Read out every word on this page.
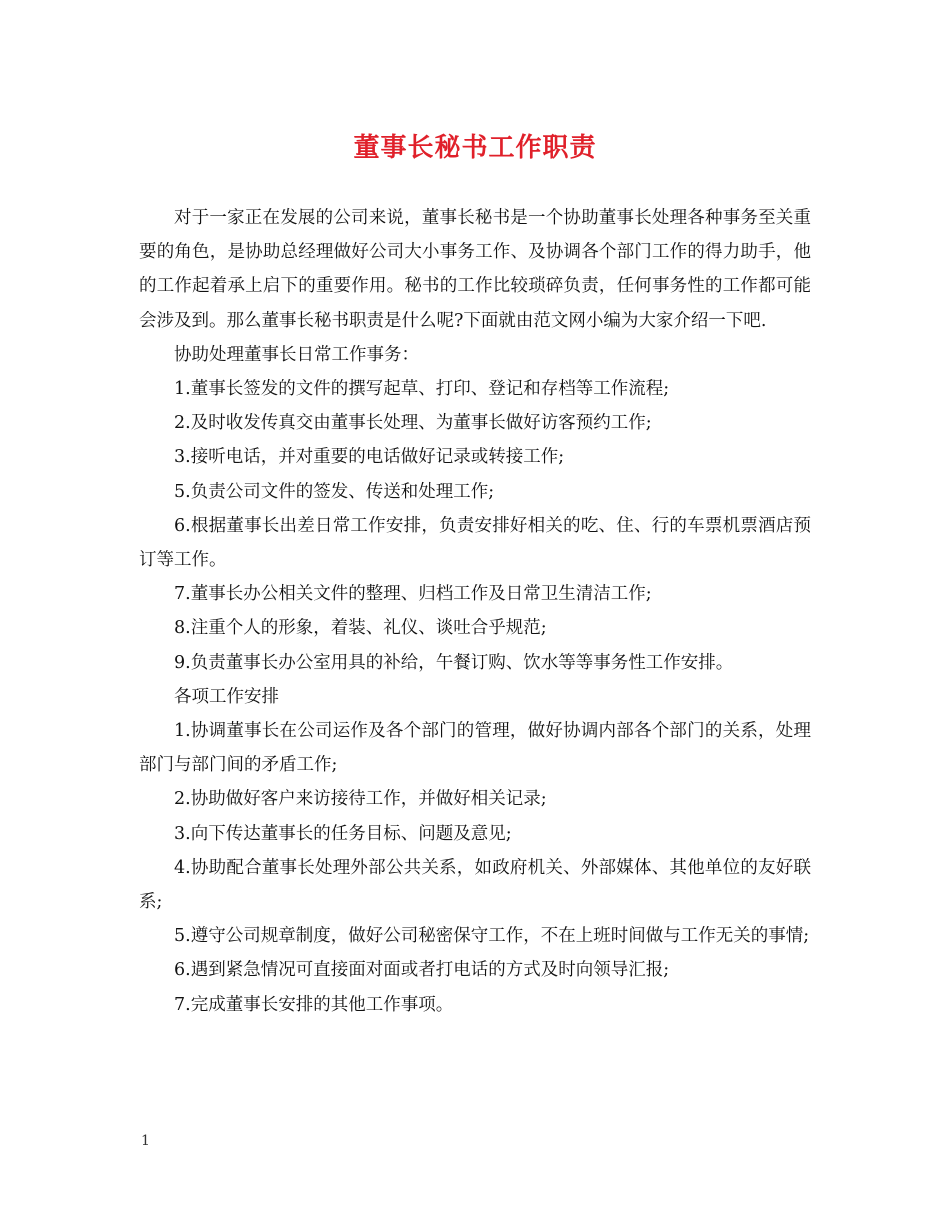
董事长秘书工作职责

对于一家正在发展的公司来说，董事长秘书是一个协助董事长处理各种事务至关重要的角色，是协助总经理做好公司大小事务工作、及协调各个部门工作的得力助手，他的工作起着承上启下的重要作用。秘书的工作比较琐碎负责，任何事务性的工作都可能会涉及到。那么董事长秘书职责是什么呢?下面就由范文网小编为大家介绍一下吧.

协助处理董事长日常工作事务：

1.董事长签发的文件的撰写起草、打印、登记和存档等工作流程;

2.及时收发传真交由董事长处理、为董事长做好访客预约工作;

3.接听电话，并对重要的电话做好记录或转接工作;

5.负责公司文件的签发、传送和处理工作;

6.根据董事长出差日常工作安排，负责安排好相关的吃、住、行的车票机票酒店预订等工作。

7.董事长办公相关文件的整理、归档工作及日常卫生清洁工作;

8.注重个人的形象，着装、礼仪、谈吐合乎规范;

9.负责董事长办公室用具的补给，午餐订购、饮水等等事务性工作安排。

各项工作安排

1.协调董事长在公司运作及各个部门的管理，做好协调内部各个部门的关系，处理部门与部门间的矛盾工作;

2.协助做好客户来访接待工作，并做好相关记录;

3.向下传达董事长的任务目标、问题及意见;

4.协助配合董事长处理外部公共关系，如政府机关、外部媒体、其他单位的友好联系;

5.遵守公司规章制度，做好公司秘密保守工作，不在上班时间做与工作无关的事情;

6.遇到紧急情况可直接面对面或者打电话的方式及时向领导汇报;

7.完成董事长安排的其他工作事项。

1
